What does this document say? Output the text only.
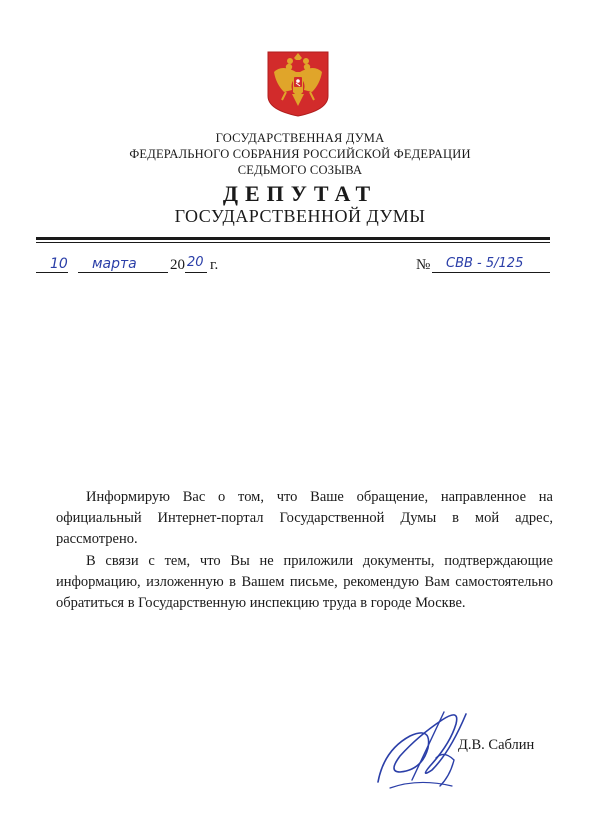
ГОСУДАРСТВЕННАЯ ДУМА
ФЕДЕРАЛЬНОГО СОБРАНИЯ РОССИЙСКОЙ ФЕДЕРАЦИИ
СЕДЬМОГО СОЗЫВА
ДЕПУТАТ
ГОСУДАРСТВЕННОЙ ДУМЫ
10 марта 20 20 г.	№ СВВ - 5/125
Информирую Вас о том, что Ваше обращение, направленное на официальный Интернет-портал Государственной Думы в мой адрес, рассмотрено.
В связи с тем, что Вы не приложили документы, подтверждающие информацию, изложенную в Вашем письме, рекомендую Вам самостоятельно обратиться в Государственную инспекцию труда в городе Москве.
Д.В. Саблин
